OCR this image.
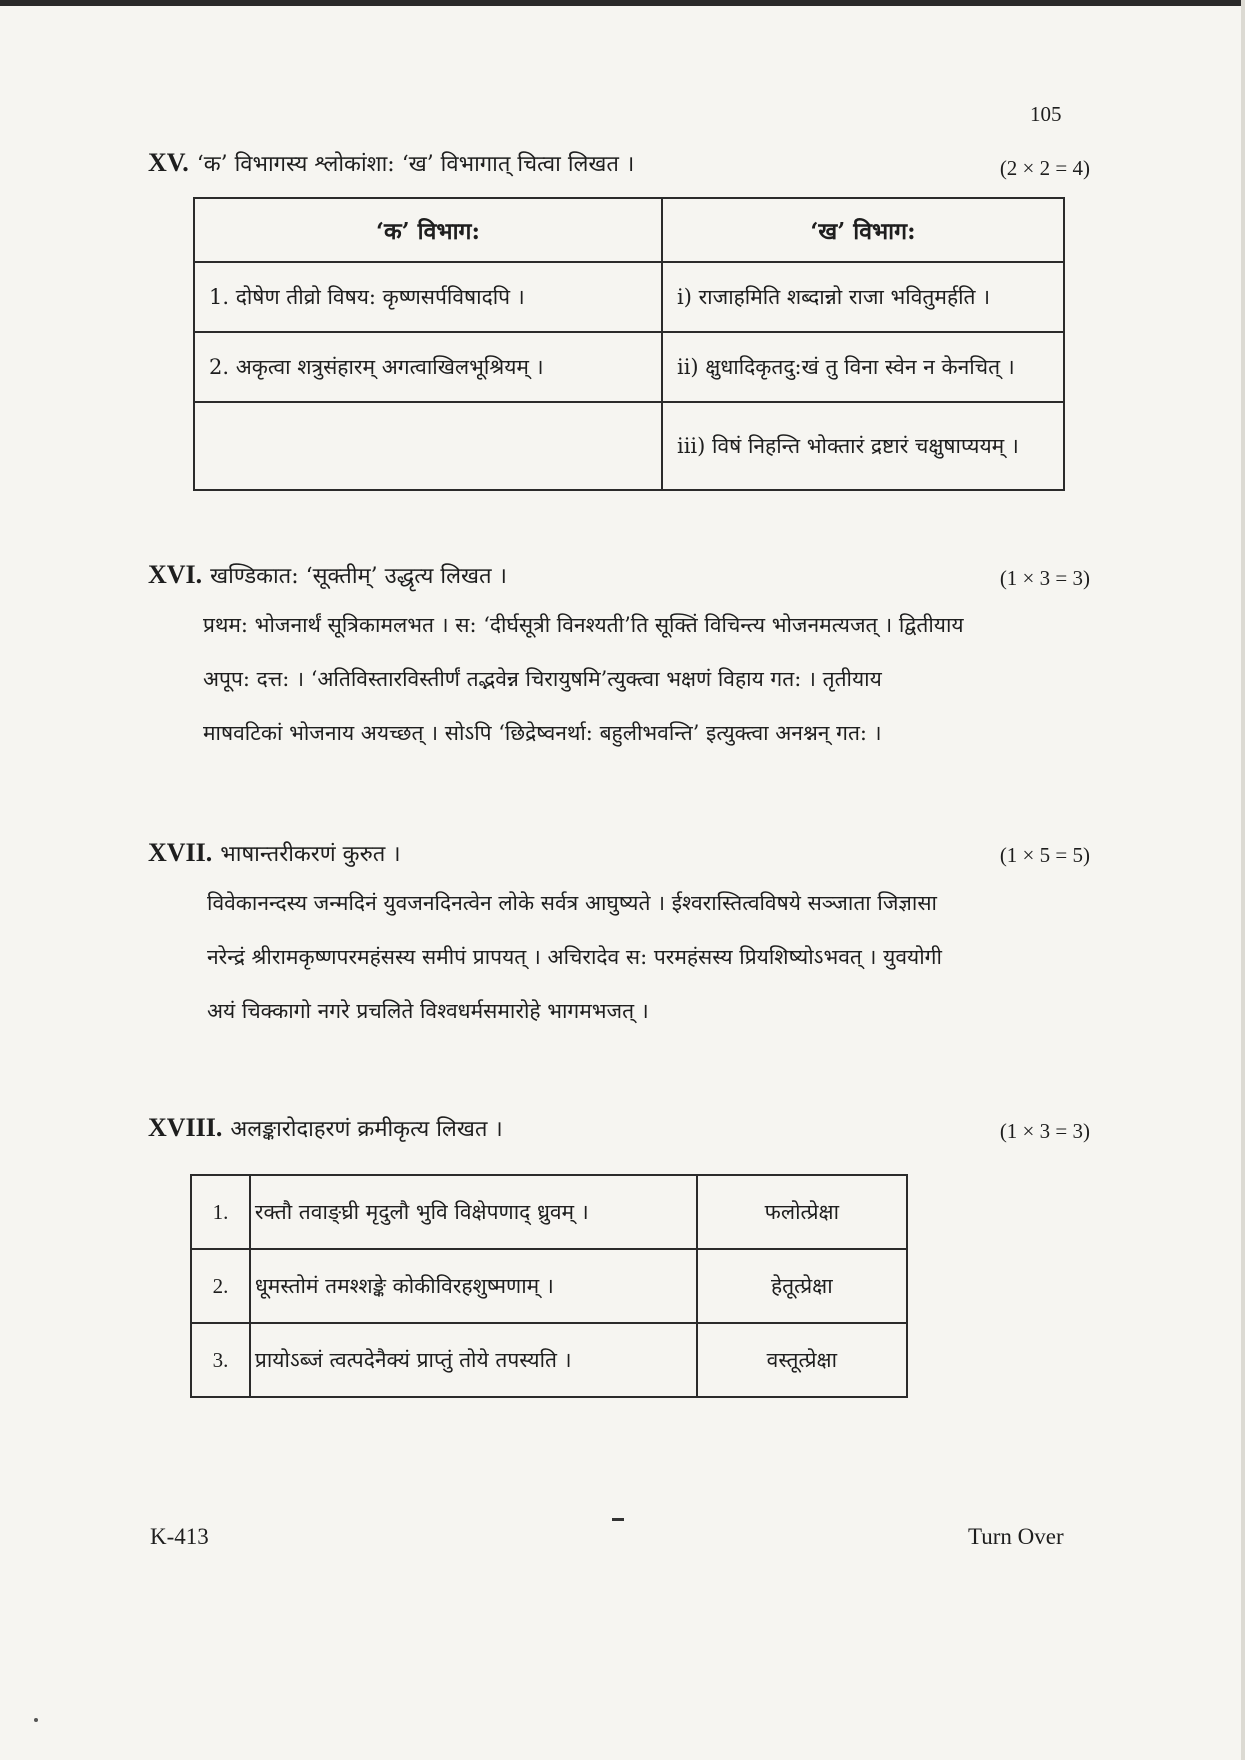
105
XV. ‘क’ विभागस्य श्लोकांशा: ‘ख’ विभागात् चित्वा लिखत ।	(2 × 2 = 4)
‘क’ विभाग:	‘ख’ विभाग:
1. दोषेण तीव्रो विषय: कृष्णसर्पविषादपि ।	i) राजाहमिति शब्दान्नो राजा भवितुमर्हति ।
2. अकृत्वा शत्रुसंहारम् अगत्वाखिलभूश्रियम् ।	ii) क्षुधादिकृतदु:खं तु विना स्वेन न केनचित् ।
	iii) विषं निहन्ति भोक्तारं द्रष्टारं चक्षुषाप्ययम् ।
XVI. खण्डिकात: ‘सूक्तीम्’ उद्धृत्य लिखत ।	(1 × 3 = 3)

प्रथम: भोजनार्थं सूत्रिकामलभत । स: ‘दीर्घसूत्री विनश्यती’ति सूक्तिं विचिन्त्य भोजनमत्यजत् । द्वितीयाय

अपूप: दत्त: । ‘अतिविस्तारविस्तीर्णं तद्भवेन्न चिरायुषमि’त्युक्त्वा भक्षणं विहाय गत: । तृतीयाय

माषवटिकां भोजनाय अयच्छत् । सोऽपि ‘छिद्रेष्वनर्था: बहुलीभवन्ति’ इत्युक्त्वा अनश्नन् गत: ।

XVII. भाषान्तरीकरणं कुरुत ।	(1 × 5 = 5)

विवेकानन्दस्य जन्मदिनं युवजनदिनत्वेन लोके सर्वत्र आघुष्यते । ईश्वरास्तित्वविषये सञ्जाता जिज्ञासा

नरेन्द्रं श्रीरामकृष्णपरमहंसस्य समीपं प्रापयत् । अचिरादेव स: परमहंसस्य प्रियशिष्योऽभवत् । युवयोगी

अयं चिक्कागो नगरे प्रचलिते विश्वधर्मसमारोहे भागमभजत् ।

XVIII. अलङ्कारोदाहरणं क्रमीकृत्य लिखत ।	(1 × 3 = 3)
1.	रक्तौ तवाङ्घ्री मृदुलौ भुवि विक्षेपणाद् ध्रुवम् ।	फलोत्प्रेक्षा
2.	धूमस्तोमं तमश्शङ्के कोकीविरहशुष्मणाम् ।	हेतूत्प्रेक्षा
3.	प्रायोऽब्जं त्वत्पदेनैक्यं प्राप्तुं तोये तपस्यति ।	वस्तूत्प्रेक्षा
K-413	Turn Over
